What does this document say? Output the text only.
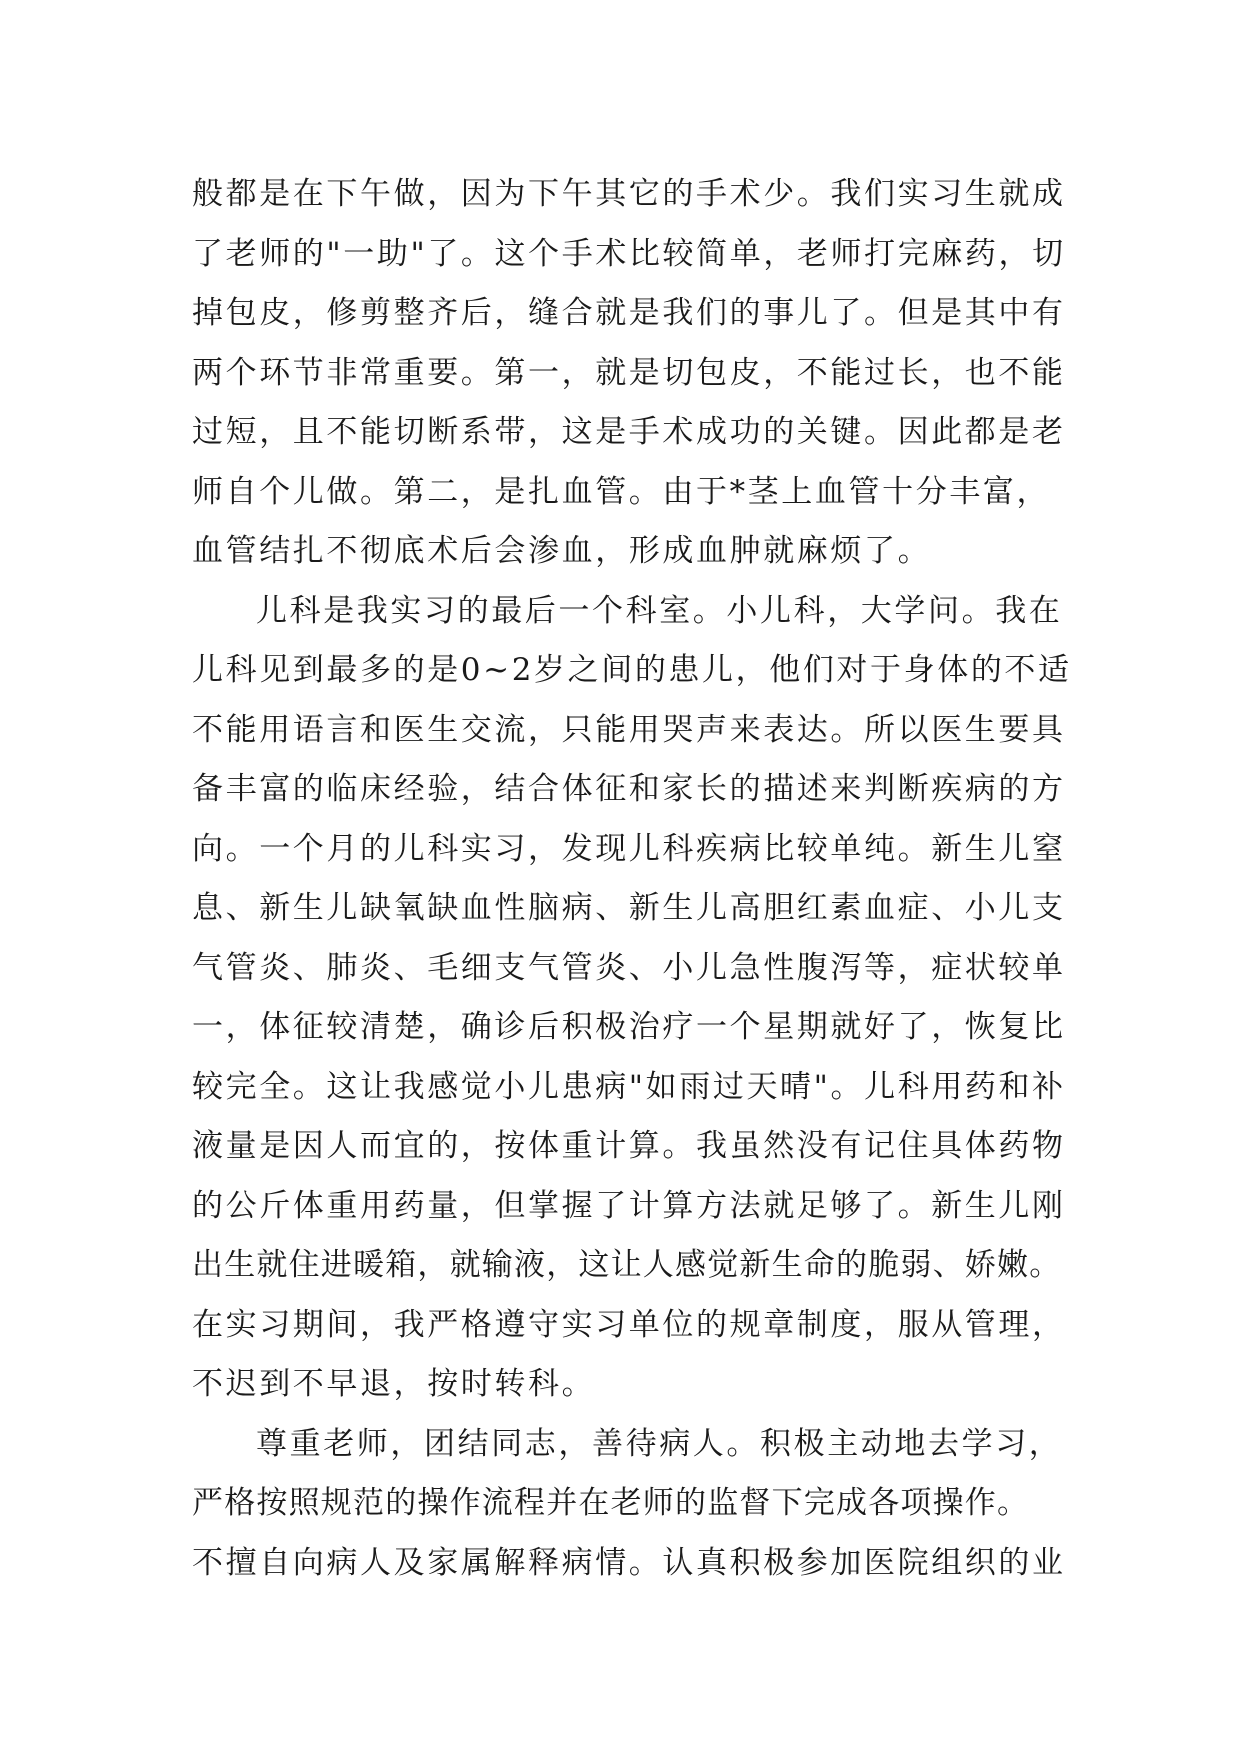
般都是在下午做，因为下午其它的手术少。我们实习生就成
了老师的"一助"了。这个手术比较简单，老师打完麻药，切
掉包皮，修剪整齐后，缝合就是我们的事儿了。但是其中有
两个环节非常重要。第一，就是切包皮，不能过长，也不能
过短，且不能切断系带，这是手术成功的关键。因此都是老
师自个儿做。第二，是扎血管。由于*茎上血管十分丰富，
血管结扎不彻底术后会渗血，形成血肿就麻烦了。
儿科是我实习的最后一个科室。小儿科，大学问。我在
儿科见到最多的是0~2岁之间的患儿，他们对于身体的不适
不能用语言和医生交流，只能用哭声来表达。所以医生要具
备丰富的临床经验，结合体征和家长的描述来判断疾病的方
向。一个月的儿科实习，发现儿科疾病比较单纯。新生儿窒
息、新生儿缺氧缺血性脑病、新生儿高胆红素血症、小儿支
气管炎、肺炎、毛细支气管炎、小儿急性腹泻等，症状较单
一，体征较清楚，确诊后积极治疗一个星期就好了，恢复比
较完全。这让我感觉小儿患病"如雨过天晴"。儿科用药和补
液量是因人而宜的，按体重计算。我虽然没有记住具体药物
的公斤体重用药量，但掌握了计算方法就足够了。新生儿刚
出生就住进暖箱，就输液，这让人感觉新生命的脆弱、娇嫩。
在实习期间，我严格遵守实习单位的规章制度，服从管理，
不迟到不早退，按时转科。
尊重老师，团结同志，善待病人。积极主动地去学习，
严格按照规范的操作流程并在老师的监督下完成各项操作。
不擅自向病人及家属解释病情。认真积极参加医院组织的业
